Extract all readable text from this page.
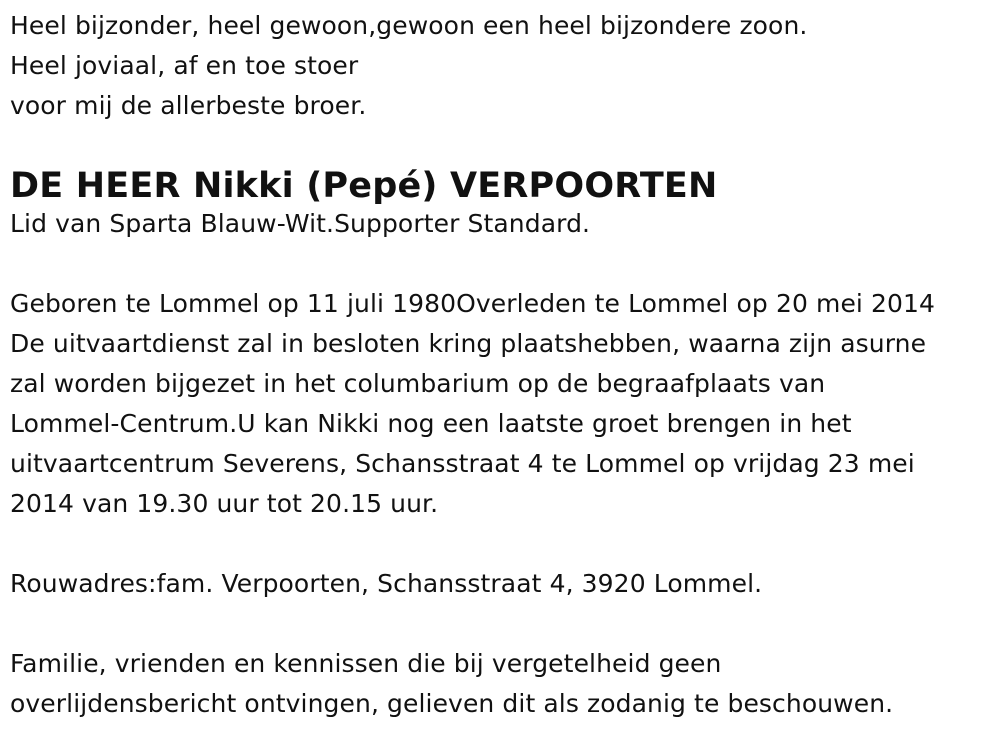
Heel bijzonder, heel gewoon,gewoon een heel bijzondere zoon.
Heel joviaal, af en toe stoer
voor mij de allerbeste broer.
DE HEER Nikki (Pepé) VERPOORTEN
Lid van Sparta Blauw-Wit.Supporter Standard.
Geboren te Lommel op 11 juli 1980Overleden te Lommel op 20 mei 2014
De uitvaartdienst zal in besloten kring plaatshebben, waarna zijn asurne
zal worden bijgezet in het columbarium op de begraafplaats van
Lommel-Centrum.U kan Nikki nog een laatste groet brengen in het
uitvaartcentrum Severens, Schansstraat 4 te Lommel op vrijdag 23 mei
2014 van 19.30 uur tot 20.15 uur.
Rouwadres:fam. Verpoorten, Schansstraat 4, 3920 Lommel.
Familie, vrienden en kennissen die bij vergetelheid geen
overlijdensbericht ontvingen, gelieven dit als zodanig te beschouwen.
